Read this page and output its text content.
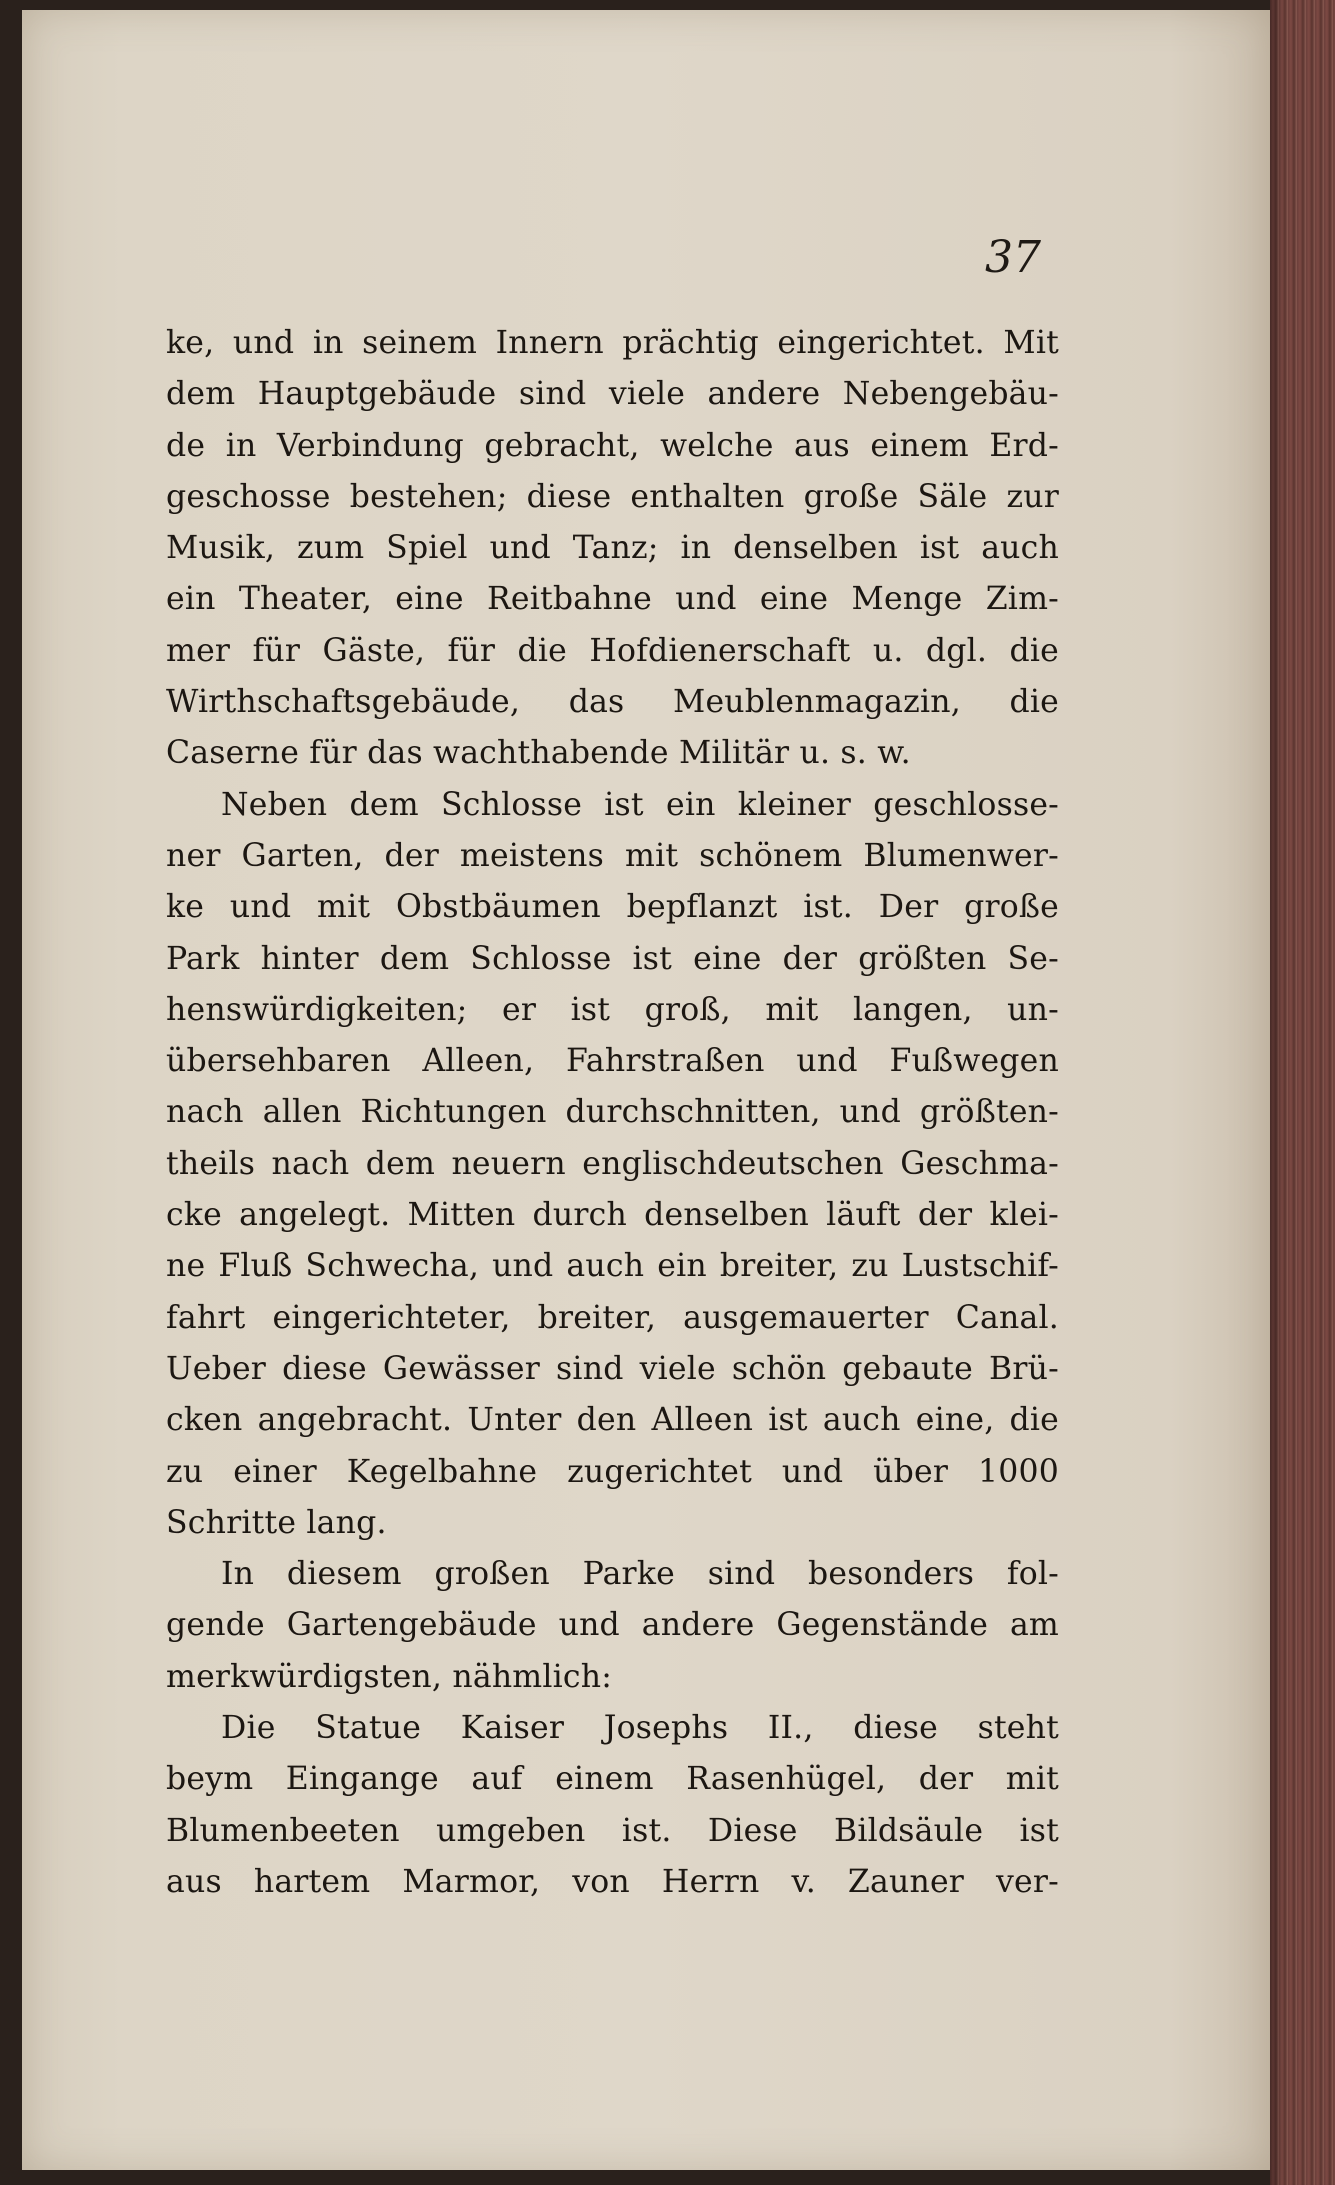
37
ke, und in seinem Innern prächtig eingerichtet. Mit
dem Hauptgebäude sind viele andere Nebengebäu-
de in Verbindung gebracht, welche aus einem Erd-
geschosse bestehen; diese enthalten große Säle zur
Musik, zum Spiel und Tanz; in denselben ist auch
ein Theater, eine Reitbahne und eine Menge Zim-
mer für Gäste, für die Hofdienerschaft u. dgl. die
Wirthschaftsgebäude, das Meublenmagazin, die
Caserne für das wachthabende Militär u. s. w.
Neben dem Schlosse ist ein kleiner geschlosse-
ner Garten, der meistens mit schönem Blumenwer-
ke und mit Obstbäumen bepflanzt ist. Der große
Park hinter dem Schlosse ist eine der größten Se-
henswürdigkeiten; er ist groß, mit langen, un-
übersehbaren Alleen, Fahrstraßen und Fußwegen
nach allen Richtungen durchschnitten, und größten-
theils nach dem neuern englischdeutschen Geschma-
cke angelegt. Mitten durch denselben läuft der klei-
ne Fluß Schwecha, und auch ein breiter, zu Lustschif-
fahrt eingerichteter, breiter, ausgemauerter Canal.
Ueber diese Gewässer sind viele schön gebaute Brü-
cken angebracht. Unter den Alleen ist auch eine, die
zu einer Kegelbahne zugerichtet und über 1000
Schritte lang.
In diesem großen Parke sind besonders fol-
gende Gartengebäude und andere Gegenstände am
merkwürdigsten, nähmlich:
Die Statue Kaiser Josephs II., diese steht
beym Eingange auf einem Rasenhügel, der mit
Blumenbeeten umgeben ist. Diese Bildsäule ist
aus hartem Marmor, von Herrn v. Zauner ver-
